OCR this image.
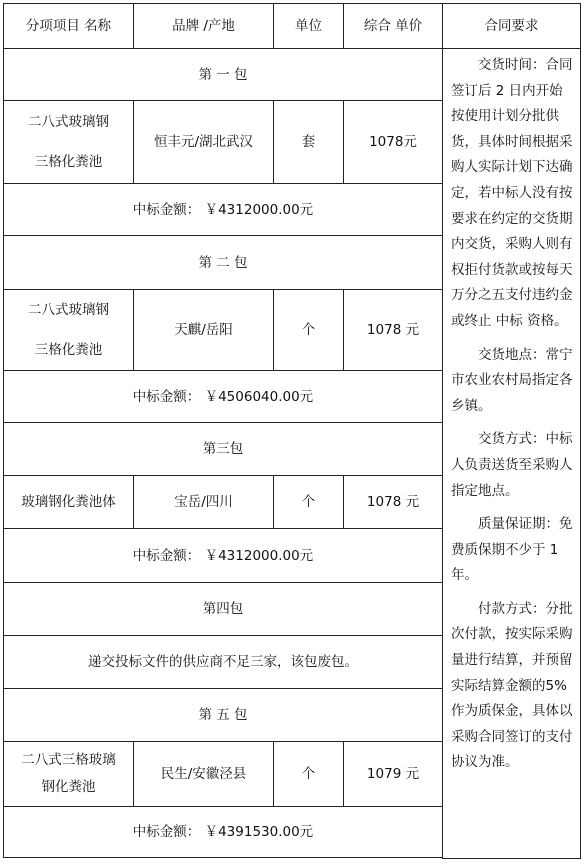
分项项目 名称	品牌 /产地	单位	综合 单价	合同要求
第 一 包				交货时间：合同签订后 2 日内开始按使用计划分批供货，具体时间根据采购人实际计划下达确定，若中标人没有按要求在约定的交货期内交货，采购人则有权拒付货款或按每天万分之五支付违约金或终止 中标 资格。

交货地点：常宁市农业农村局指定各乡镇。

交货方式：中标人负责送货至采购人指定地点。

质量保证期：免费质保期不少于 1 年。

付款方式：分批次付款，按实际采购量进行结算，并预留实际结算金额的5%作为质保金，具体以采购合同签订的支付协议为准。

二八式玻璃钢
三格化粪池	恒丰元/湖北武汉	套	1078元	
中标金额： ￥4312000.00元				
第 二 包				

二八式玻璃钢
三格化粪池	天麒/岳阳	个	1078 元	
中标金额： ￥4506040.00元				
第三包				
玻璃钢化粪池体	宝岳/四川	个	1078 元	
中标金额： ￥4312000.00元				
第四包				
递交投标文件的供应商不足三家，该包废包。				
第 五 包				

二八式三格玻璃
钢化粪池	民生/安徽泾县	个	1079 元	
中标金额： ￥4391530.00元				
